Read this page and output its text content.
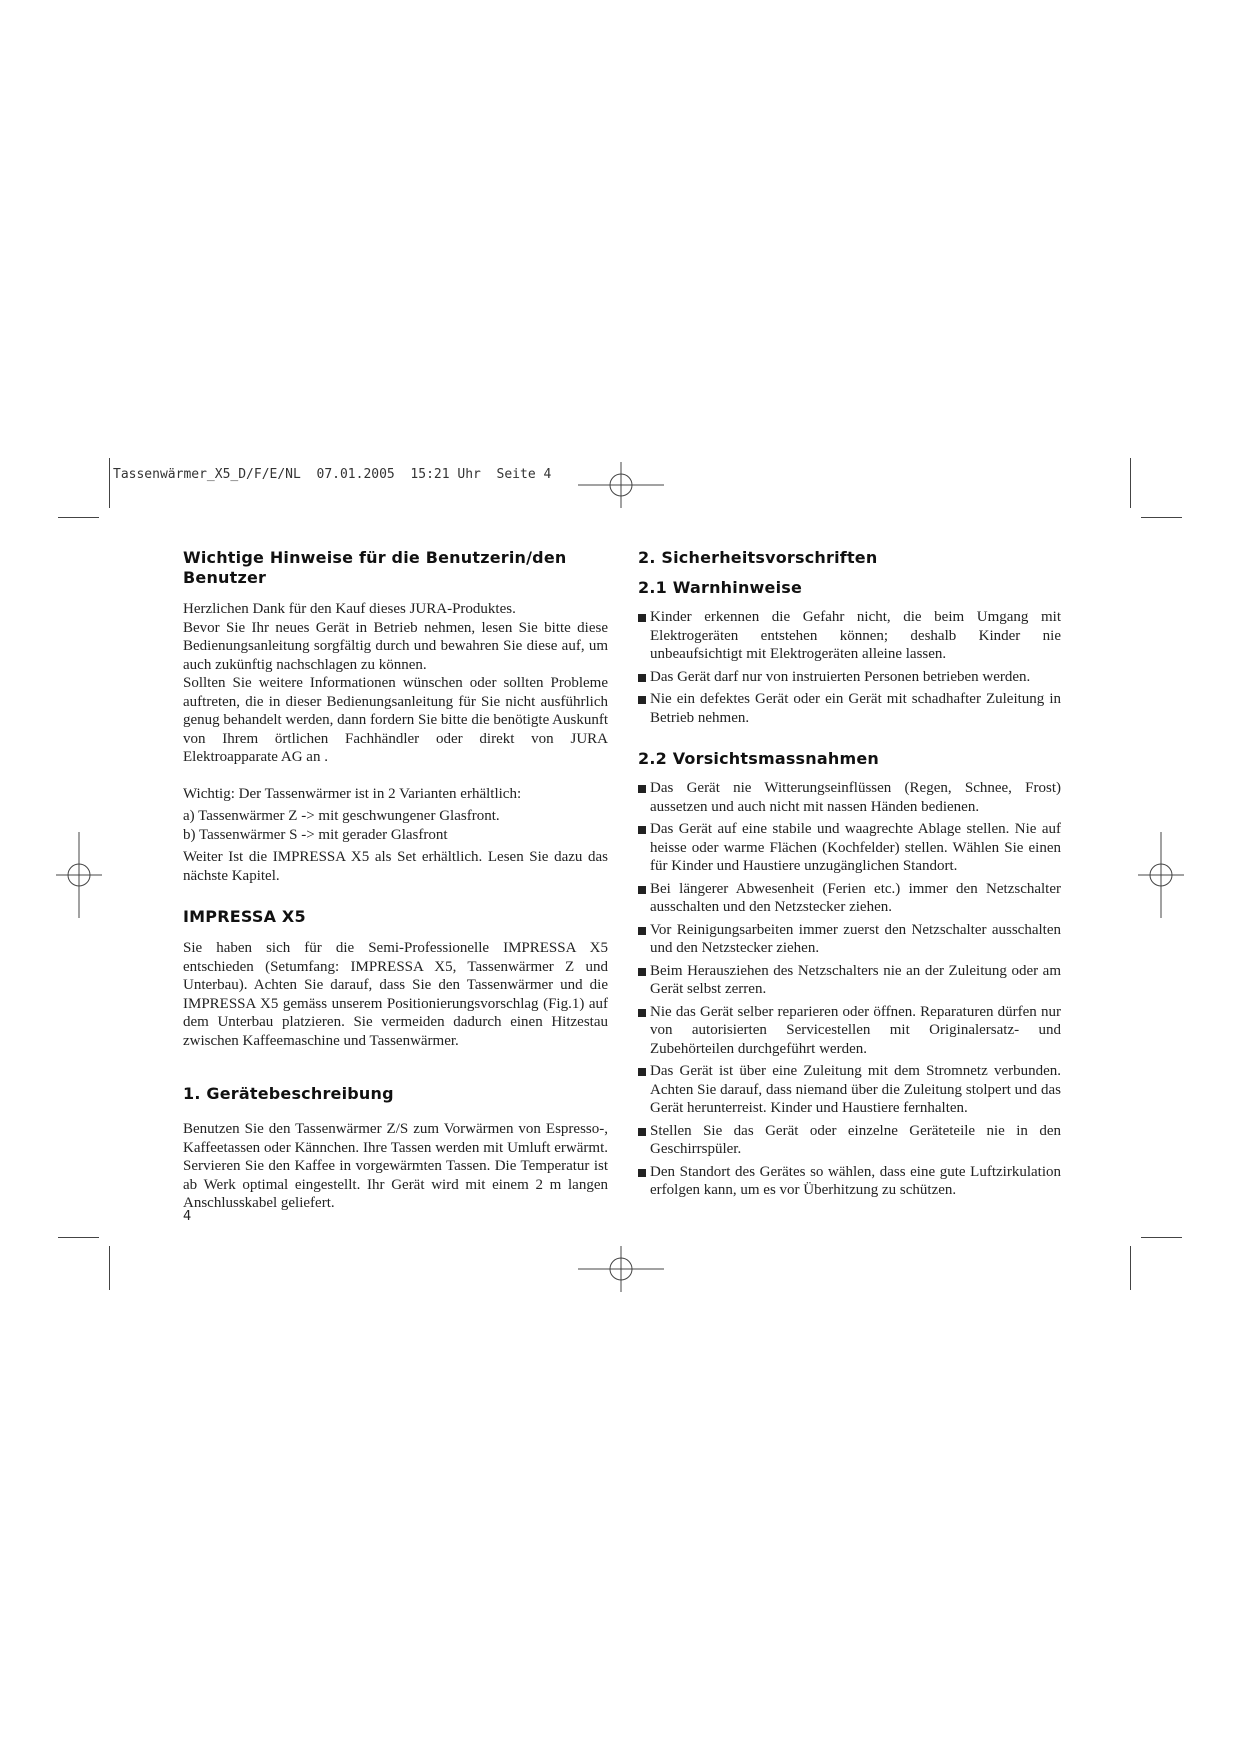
Tassenwärmer_X5_D/F/E/NL  07.01.2005  15:21 Uhr  Seite 4
Wichtige Hinweise für die Benutzerin/den Benutzer

Herzlichen Dank für den Kauf dieses JURA-Produktes.

Bevor Sie Ihr neues Gerät in Betrieb nehmen, lesen Sie bitte diese Bedienungsanleitung sorgfältig durch und bewahren Sie diese auf, um auch zukünftig nachschlagen zu können.

Sollten Sie weitere Informationen wünschen oder sollten Probleme auftreten, die in dieser Bedienungsanleitung für Sie nicht ausführlich genug behandelt werden, dann fordern Sie bitte die benötigte Auskunft von Ihrem örtlichen Fachhändler oder direkt von JURA Elektroapparate AG an .

Wichtig: Der Tassenwärmer ist in 2 Varianten erhältlich:

a) Tassenwärmer Z -> mit geschwungener Glasfront.

b) Tassenwärmer S -> mit gerader Glasfront

Weiter Ist die IMPRESSA X5 als Set erhältlich. Lesen Sie dazu das nächste Kapitel.

IMPRESSA X5

Sie haben sich für die Semi-Professionelle IMPRESSA X5 entschieden (Setumfang: IMPRESSA X5, Tassenwärmer Z und Unterbau). Achten Sie darauf, dass Sie den Tassenwärmer und die IMPRESSA X5 gemäss unserem Positionierungsvorschlag (Fig.1) auf dem Unterbau platzieren. Sie vermeiden dadurch einen Hitzestau zwischen Kaffeemaschine und Tassenwärmer.

1. Gerätebeschreibung

Benutzen Sie den Tassenwärmer Z/S zum Vorwärmen von Espresso-, Kaffeetassen oder Kännchen. Ihre Tassen werden mit Umluft erwärmt. Servieren Sie den Kaffee in vorgewärmten Tassen. Die Temperatur ist ab Werk optimal eingestellt. Ihr Gerät wird mit einem 2 m langen Anschlusskabel geliefert.

2. Sicherheitsvorschriften
2.1 Warnhinweise
Kinder erkennen die Gefahr nicht, die beim Umgang mit Elektrogeräten entstehen können; deshalb Kinder nie unbeaufsichtigt mit Elektrogeräten alleine lassen.
Das Gerät darf nur von instruierten Personen betrieben werden.
Nie ein defektes Gerät oder ein Gerät mit schadhafter Zuleitung in Betrieb nehmen.
2.2 Vorsichtsmassnahmen
Das Gerät nie Witterungseinflüssen (Regen, Schnee, Frost) aussetzen und auch nicht mit nassen Händen bedienen.
Das Gerät auf eine stabile und waagrechte Ablage stellen. Nie auf heisse oder warme Flächen (Kochfelder) stellen. Wählen Sie einen für Kinder und Haustiere unzugänglichen Standort.
Bei längerer Abwesenheit (Ferien etc.) immer den Netzschalter ausschalten und den Netzstecker ziehen.
Vor Reinigungsarbeiten immer zuerst den Netzschalter ausschalten und den Netzstecker ziehen.
Beim Herausziehen des Netzschalters nie an der Zuleitung oder am Gerät selbst zerren.
Nie das Gerät selber reparieren oder öffnen. Reparaturen dürfen nur von autorisierten Servicestellen mit Originalersatz- und Zubehörteilen durchgeführt werden.
Das Gerät ist über eine Zuleitung mit dem Stromnetz verbunden. Achten Sie darauf, dass niemand über die Zuleitung stolpert und das Gerät herunterreist. Kinder und Haustiere fernhalten.
Stellen Sie das Gerät oder einzelne Geräteteile nie in den Geschirrspüler.
Den Standort des Gerätes so wählen, dass eine gute Luftzirkulation erfolgen kann, um es vor Überhitzung zu schützen.
4
